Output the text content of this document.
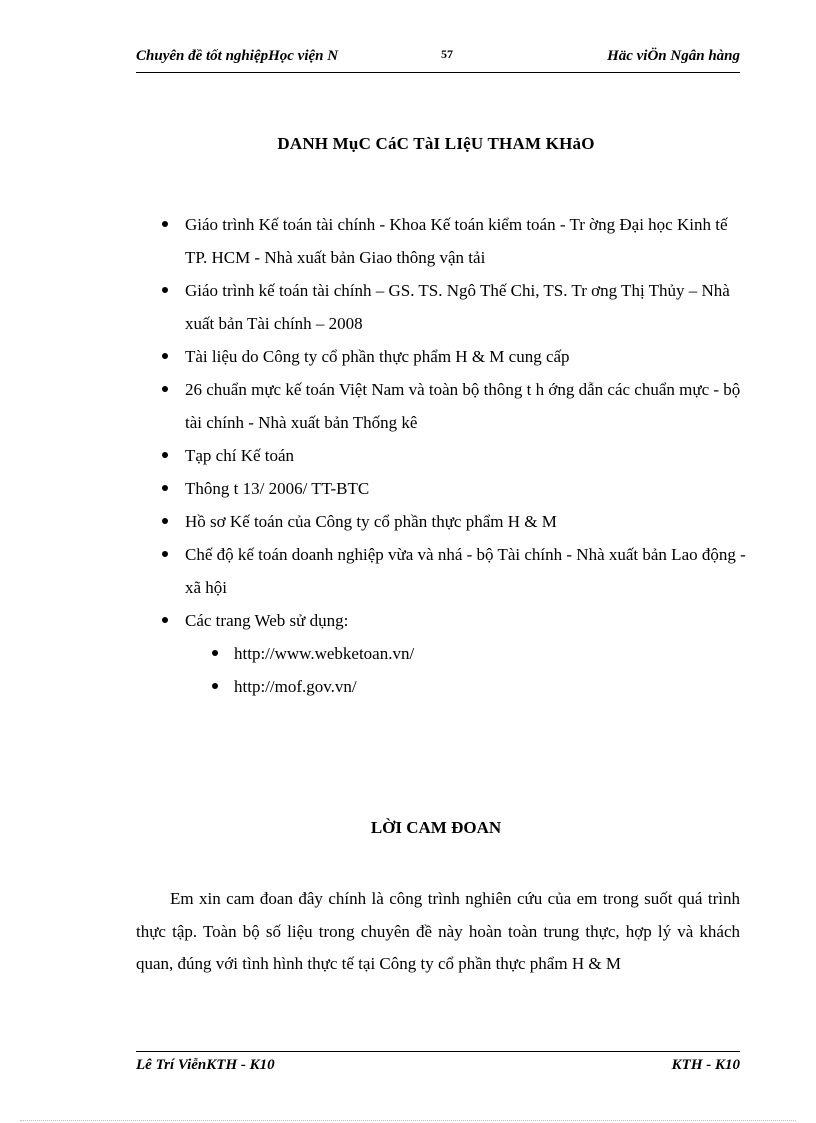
Chuyên đề tốt nghiệpHọc viện N	57	Häc viÖn Ngân hàng
DANH MụC CáC TàI LIệU THAM KHảO
Giáo trình Kế toán tài chính - Khoa Kế toán kiểm toán - Tr ờng Đại học Kinh tế TP. HCM - Nhà xuất bản Giao thông vận tải
Giáo trình kế toán tài chính – GS. TS. Ngô Thế Chi, TS. Tr ơng Thị Thủy – Nhà xuất bản Tài chính – 2008
Tài liệu do Công ty cổ phần thực phẩm H & M cung cấp
26 chuẩn mực kế toán Việt Nam và toàn bộ thông t h ớng dẫn các chuẩn mực - bộ tài chính - Nhà xuất bản Thống kê
Tạp chí Kế toán
Thông t 13/ 2006/ TT-BTC
Hồ sơ Kế toán của Công ty cổ phần thực phẩm H & M
Chế độ kế toán doanh nghiệp vừa và nhá - bộ Tài chính - Nhà xuất bản Lao động - xã hội
Các trang Web sử dụng:
http://www.webketoan.vn/
http://mof.gov.vn/
LỜI CAM ĐOAN

Em xin cam đoan đây chính là công trình nghiên cứu của em trong suốt quá trình thực tập. Toàn bộ số liệu trong chuyên đề này hoàn toàn trung thực, hợp lý và khách quan, đúng với tình hình thực tế tại Công ty cổ phần thực phẩm H & M

Lê Trí ViễnKTH - K10	KTH - K10
